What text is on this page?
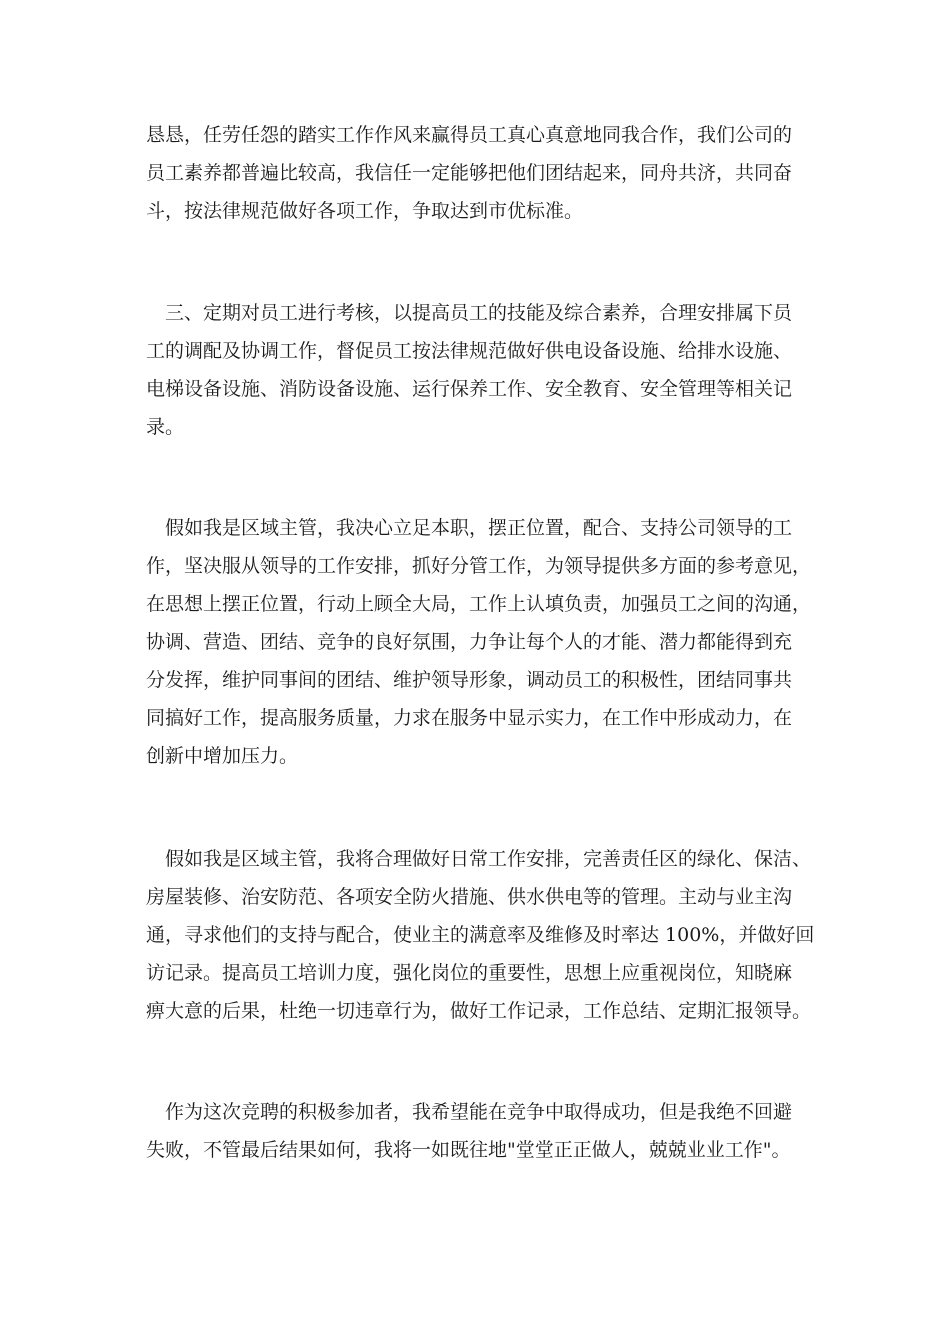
恳恳，任劳任怨的踏实工作作风来赢得员工真心真意地同我合作，我们公司的
员工素养都普遍比较高，我信任一定能够把他们团结起来，同舟共济，共同奋
斗，按法律规范做好各项工作，争取达到市优标准。
　三、定期对员工进行考核，以提高员工的技能及综合素养，合理安排属下员
工的调配及协调工作，督促员工按法律规范做好供电设备设施、给排水设施、
电梯设备设施、消防设备设施、运行保养工作、安全教育、安全管理等相关记
录。
　假如我是区域主管，我决心立足本职，摆正位置，配合、支持公司领导的工
作，坚决服从领导的工作安排，抓好分管工作，为领导提供多方面的参考意见，
在思想上摆正位置，行动上顾全大局，工作上认填负责，加强员工之间的沟通，
协调、营造、团结、竞争的良好氛围，力争让每个人的才能、潜力都能得到充
分发挥，维护同事间的团结、维护领导形象，调动员工的积极性，团结同事共
同搞好工作，提高服务质量，力求在服务中显示实力，在工作中形成动力，在
创新中增加压力。
　假如我是区域主管，我将合理做好日常工作安排，完善责任区的绿化、保洁、
房屋装修、治安防范、各项安全防火措施、供水供电等的管理。主动与业主沟
通，寻求他们的支持与配合，使业主的满意率及维修及时率达 100%，并做好回
访记录。提高员工培训力度，强化岗位的重要性，思想上应重视岗位，知晓麻
痹大意的后果，杜绝一切违章行为，做好工作记录，工作总结、定期汇报领导。
　作为这次竞聘的积极参加者，我希望能在竞争中取得成功，但是我绝不回避
失败，不管最后结果如何，我将一如既往地"堂堂正正做人，兢兢业业工作"。
